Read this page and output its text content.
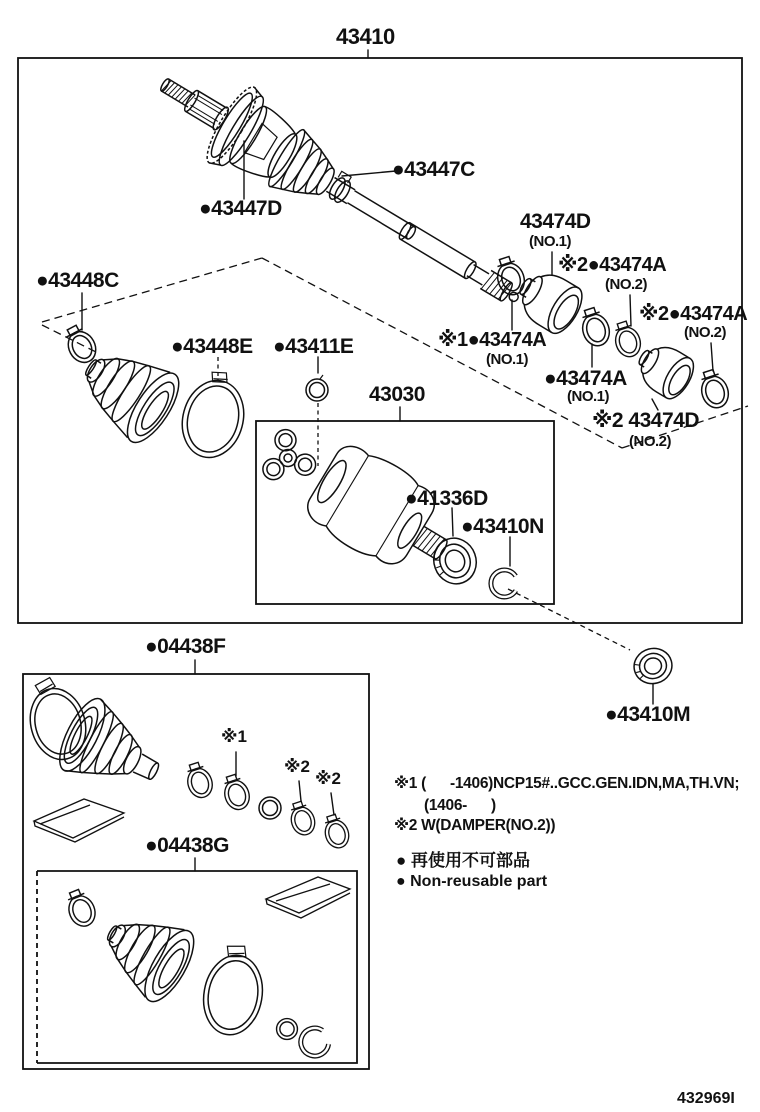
43410
●43447C
●43447D
●43448C
●43448E ●43411E
43030
●41336D
●43410N
43474D
(NO.1)
※1●43474A
(NO.1)
※2●43474A
(NO.2)
※2●43474A
(NO.2)
●43474A
(NO.1)
※2 43474D
(NO.2)
●43410M
●04438F
●04438G
※1
※2
※2	※1 (      -1406)NCP15#..GCC.GEN.IDN,MA,TH.VN;
(1406-      )
※2 W(DAMPER(NO.2))
● 再使用不可部品
● Non-reusable part
432969I
